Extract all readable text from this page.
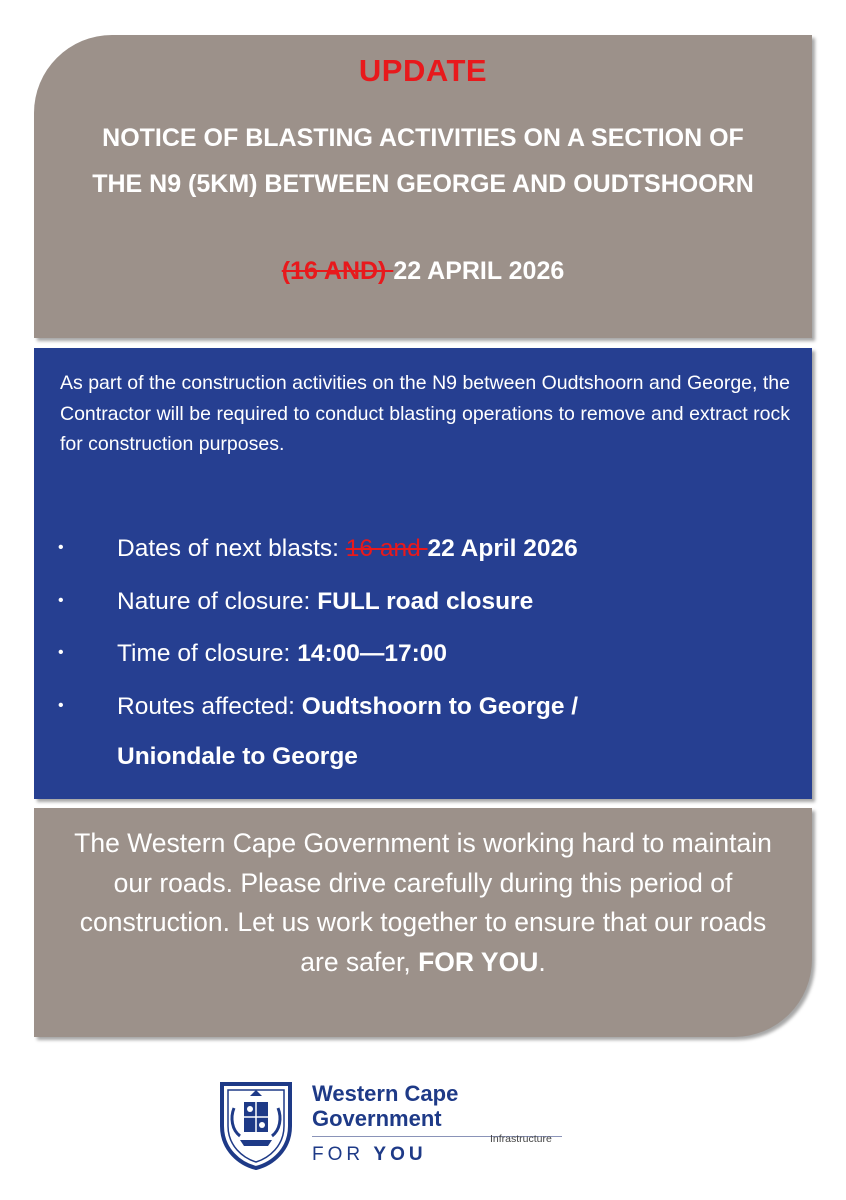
UPDATE
NOTICE OF BLASTING ACTIVITIES ON A SECTION OF THE N9 (5KM) BETWEEN GEORGE AND OUDTSHOORN
(16 AND) 22 APRIL 2026

As part of the construction activities on the N9 between Oudtshoorn and George, the Contractor will be required to conduct blasting operations to remove and extract rock for construction purposes.

• Dates of next blasts: 16 and 22 April 2026
• Nature of closure: FULL road closure
• Time of closure: 14:00—17:00
• Routes affected: Oudtshoorn to George /
Uniondale to George

The Western Cape Government is working hard to maintain our roads. Please drive carefully during this period of construction. Let us work together to ensure that our roads are safer, FOR YOU.

Western Cape
Government
Infrastructure
FOR YOU
